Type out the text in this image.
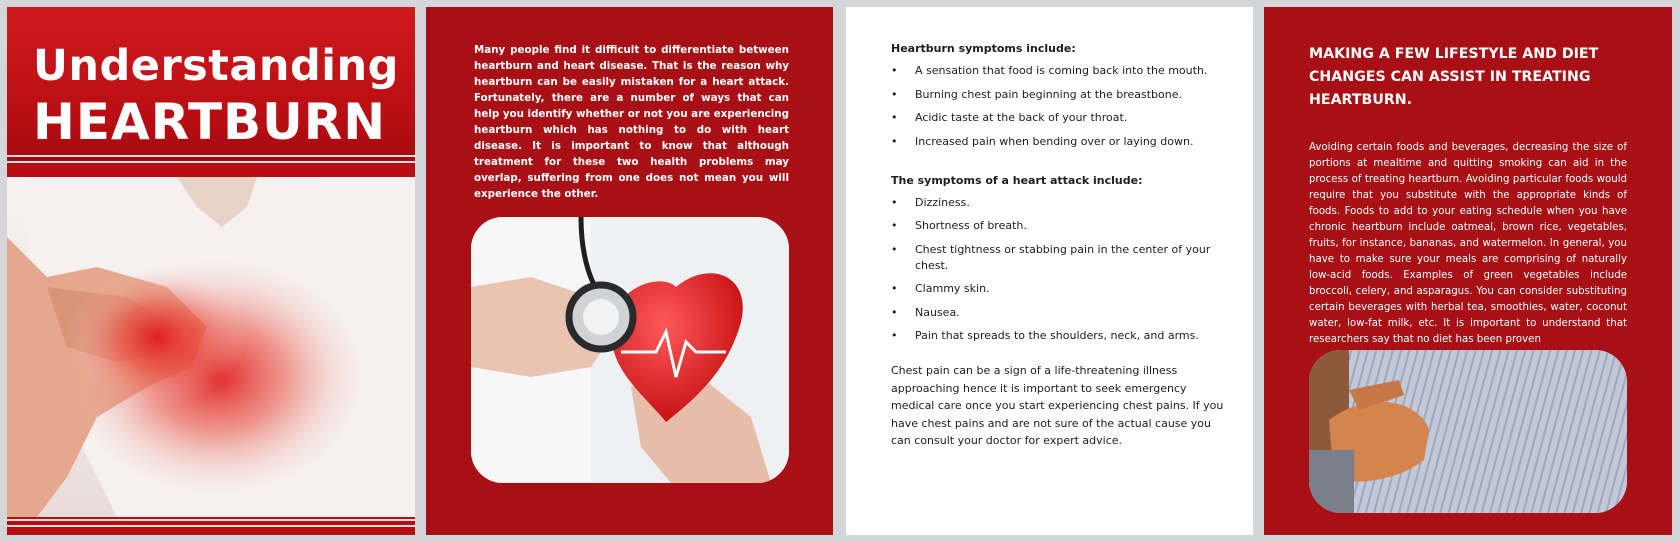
Understanding
HEARTBURN
Many people find it difficult to differentiate between heartburn and heart disease. That is the reason why heartburn can be easily mistaken for a heart attack. Fortunately, there are a number of ways that can help you identify whether or not you are experiencing heartburn which has nothing to do with heart disease. It is important to know that although treatment for these two health problems may overlap, suffering from one does not mean you will experience the other.
Heartburn symptoms include:
• A sensation that food is coming back into the mouth.
• Burning chest pain beginning at the breastbone.
• Acidic taste at the back of your throat.
• Increased pain when bending over or laying down.
The symptoms of a heart attack include:
• Dizziness.
• Shortness of breath.
• Chest tightness or stabbing pain in the center of your chest.
• Clammy skin.
• Nausea.
• Pain that spreads to the shoulders, neck, and arms.
Chest pain can be a sign of a life-threatening illness approaching hence it is important to seek emergency medical care once you start experiencing chest pains. If you have chest pains and are not sure of the actual cause you can consult your doctor for expert advice.
MAKING A FEW LIFESTYLE AND DIET CHANGES CAN ASSIST IN TREATING HEARTBURN.
Avoiding certain foods and beverages, decreasing the size of portions at mealtime and quitting smoking can aid in the process of treating heartburn. Avoiding particular foods would require that you substitute with the appropriate kinds of foods. Foods to add to your eating schedule when you have chronic heartburn include oatmeal, brown rice, vegetables, fruits, for instance, bananas, and watermelon. In general, you have to make sure your meals are comprising of naturally low-acid foods. Examples of green vegetables include broccoli, celery, and asparagus. You can consider substituting certain beverages with herbal tea, smoothies, water, coconut water, low-fat milk, etc. It is important to understand that researchers say that no diet has been proven
